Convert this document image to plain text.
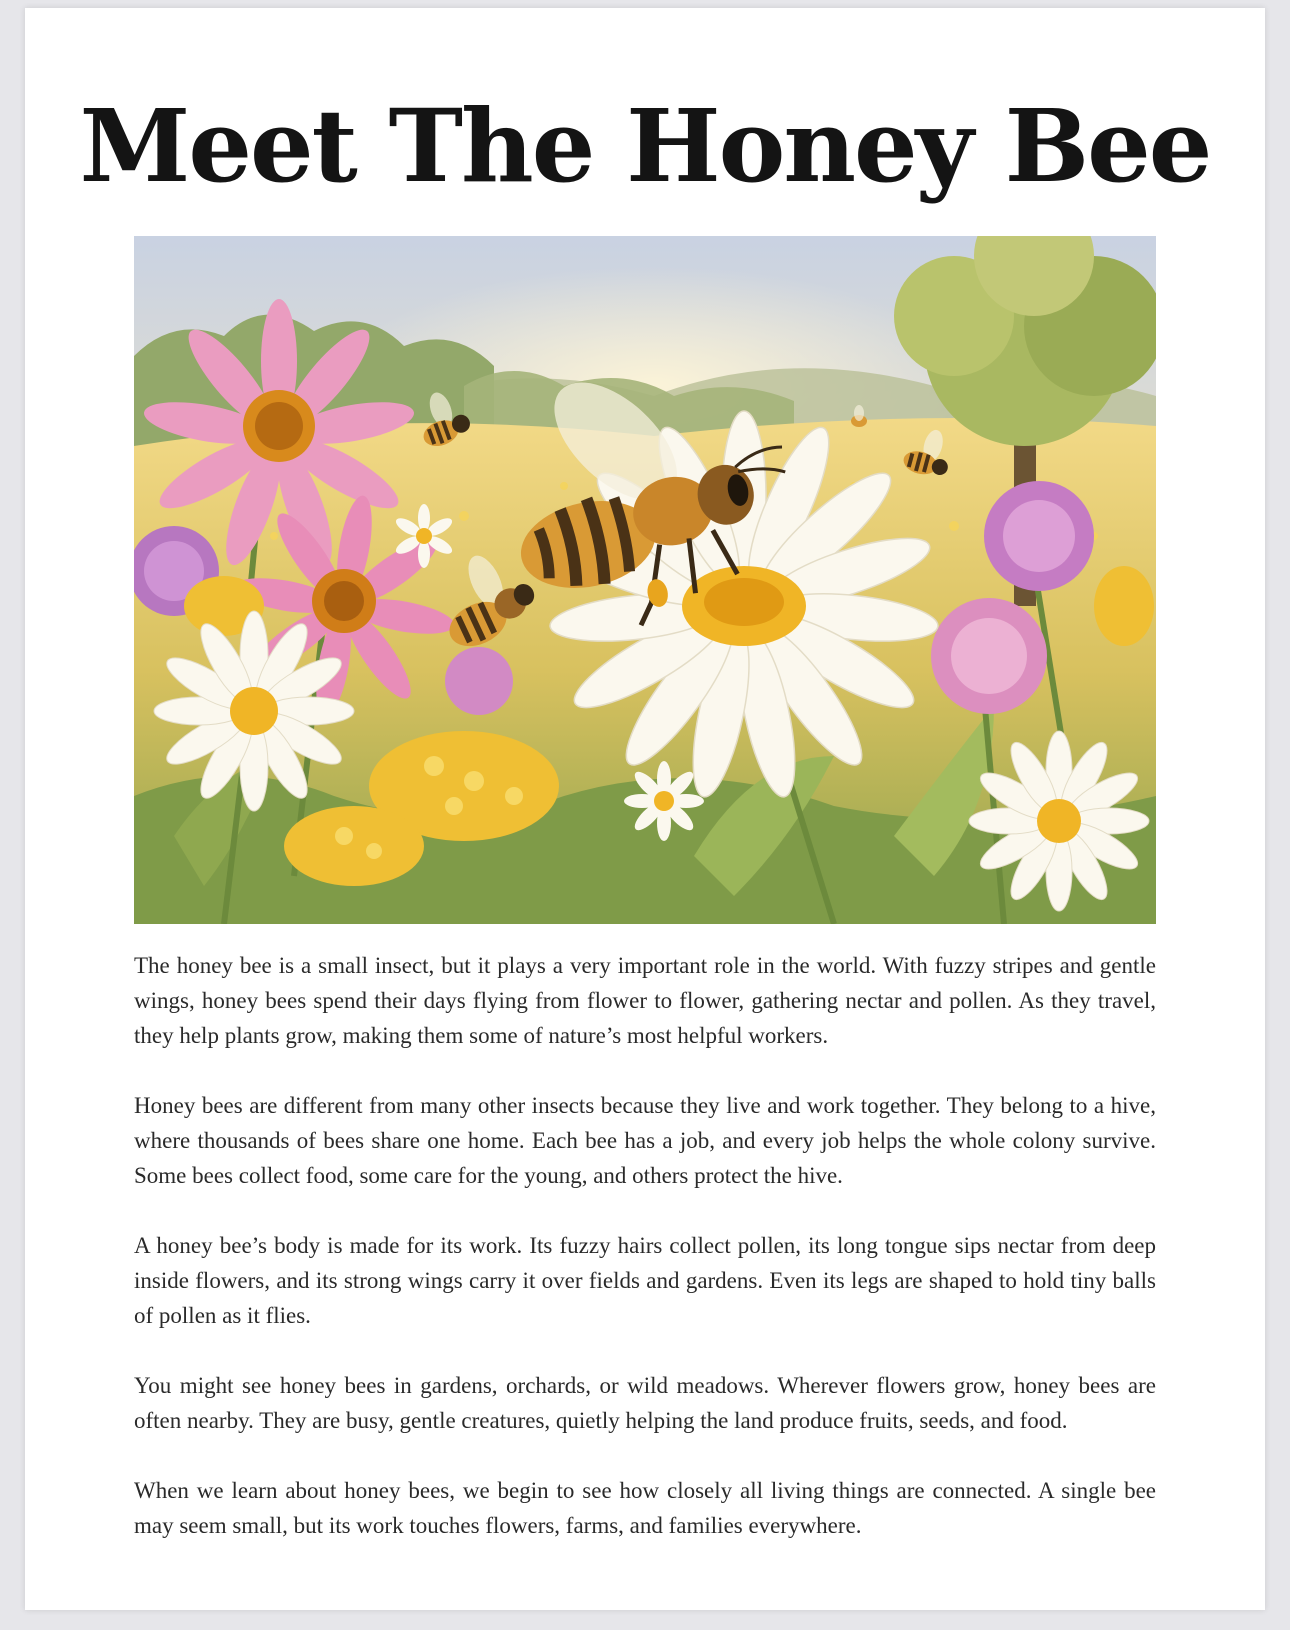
Meet The Honey Bee

The honey bee is a small insect, but it plays a very important role in the world. With fuzzy stripes and gentle wings, honey bees spend their days flying from flower to flower, gathering nectar and pollen. As they travel, they help plants grow, making them some of nature’s most helpful workers.

Honey bees are different from many other insects because they live and work together. They belong to a hive, where thousands of bees share one home. Each bee has a job, and every job helps the whole colony survive. Some bees collect food, some care for the young, and others protect the hive.

A honey bee’s body is made for its work. Its fuzzy hairs collect pollen, its long tongue sips nectar from deep inside flowers, and its strong wings carry it over fields and gardens. Even its legs are shaped to hold tiny balls of pollen as it flies.

You might see honey bees in gardens, orchards, or wild meadows. Wherever flowers grow, honey bees are often nearby. They are busy, gentle creatures, quietly helping the land produce fruits, seeds, and food.

When we learn about honey bees, we begin to see how closely all living things are connected. A single bee may seem small, but its work touches flowers, farms, and families everywhere.
